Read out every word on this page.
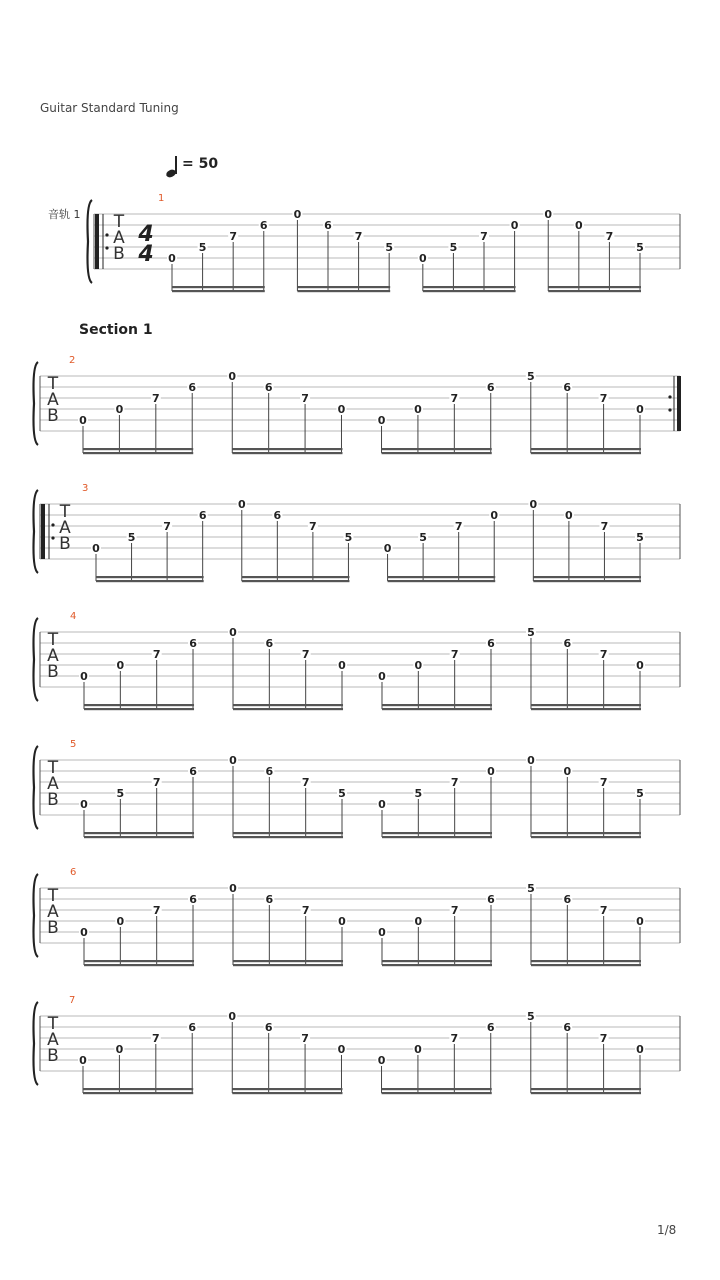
Guitar Standard Tuning
= 50
音轨 1
Section 1
T
A
B
4
4
1
0
5
7
6
0
6
7
5
0
5
7
0
0
0
7
5
T
A
B
2
0
0
7
6
0
6
7
0
0
0
7
6
5
6
7
0
T
A
B
3
0
5
7
6
0
6
7
5
0
5
7
0
0
0
7
5
T
A
B
4
0
0
7
6
0
6
7
0
0
0
7
6
5
6
7
0
T
A
B
5
0
5
7
6
0
6
7
5
0
5
7
0
0
0
7
5
T
A
B
6
0
0
7
6
0
6
7
0
0
0
7
6
5
6
7
0
T
A
B
7
0
0
7
6
0
6
7
0
0
0
7
6
5
6
7
0
1/8
